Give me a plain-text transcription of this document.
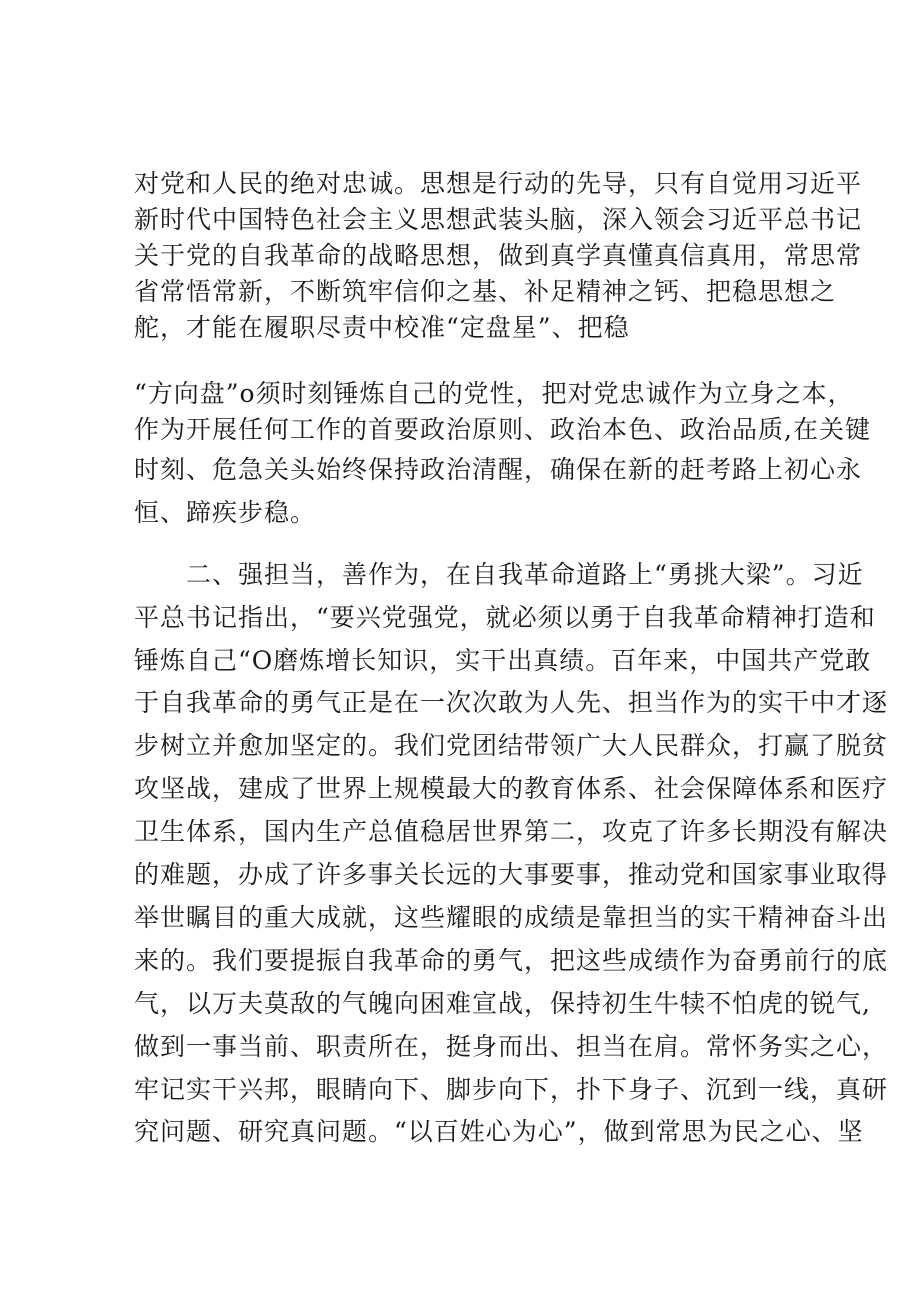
对党和人民的绝对忠诚。思想是行动的先导，只有自觉用习近平
新时代中国特色社会主义思想武装头脑，深入领会习近平总书记
关于党的自我革命的战略思想，做到真学真懂真信真用，常思常
省常悟常新，不断筑牢信仰之基、补足精神之钙、把稳思想之
舵，才能在履职尽责中校准“定盘星”、把稳
“方向盘”o须时刻锤炼自己的党性，把对党忠诚作为立身之本，
作为开展任何工作的首要政治原则、政治本色、政治品质,在关键
时刻、危急关头始终保持政治清醒，确保在新的赶考路上初心永
恒、蹄疾步稳。
二、强担当，善作为，在自我革命道路上“勇挑大梁”。习近
平总书记指出，“要兴党强党，就必须以勇于自我革命精神打造和
锤炼自己“O磨炼增长知识，实干出真绩。百年来，中国共产党敢
于自我革命的勇气正是在一次次敢为人先、担当作为的实干中才逐
步树立并愈加坚定的。我们党团结带领广大人民群众，打赢了脱贫
攻坚战，建成了世界上规模最大的教育体系、社会保障体系和医疗
卫生体系，国内生产总值稳居世界第二，攻克了许多长期没有解决
的难题，办成了许多事关长远的大事要事，推动党和国家事业取得
举世瞩目的重大成就，这些耀眼的成绩是靠担当的实干精神奋斗出
来的。我们要提振自我革命的勇气，把这些成绩作为奋勇前行的底
气，以万夫莫敌的气魄向困难宣战，保持初生牛犊不怕虎的锐气,
做到一事当前、职责所在，挺身而出、担当在肩。常怀务实之心，
牢记实干兴邦，眼睛向下、脚步向下，扑下身子、沉到一线，真研
究问题、研究真问题。“以百姓心为心”，做到常思为民之心、坚
